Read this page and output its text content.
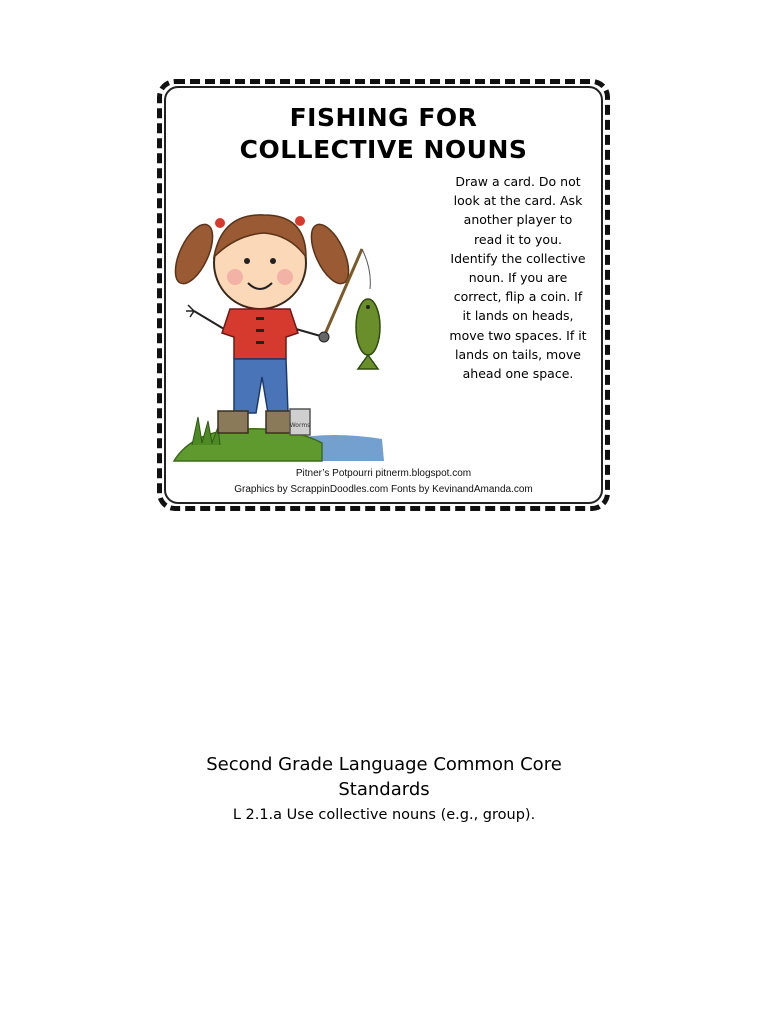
FISHING FOR
COLLECTIVE NOUNS
Draw a card. Do not
look at the card. Ask
another player to
read it to you.
Identify the collective
noun. If you are
correct, flip a coin. If
it lands on heads,
move two spaces. If it
lands on tails, move
ahead one space.
Worms
Pitner’s Potpourri pitnerm.blogspot.com
Graphics by ScrappinDoodles.com Fonts by KevinandAmanda.com
Second Grade Language Common Core
Standards
L 2.1.a Use collective nouns (e.g., group).
